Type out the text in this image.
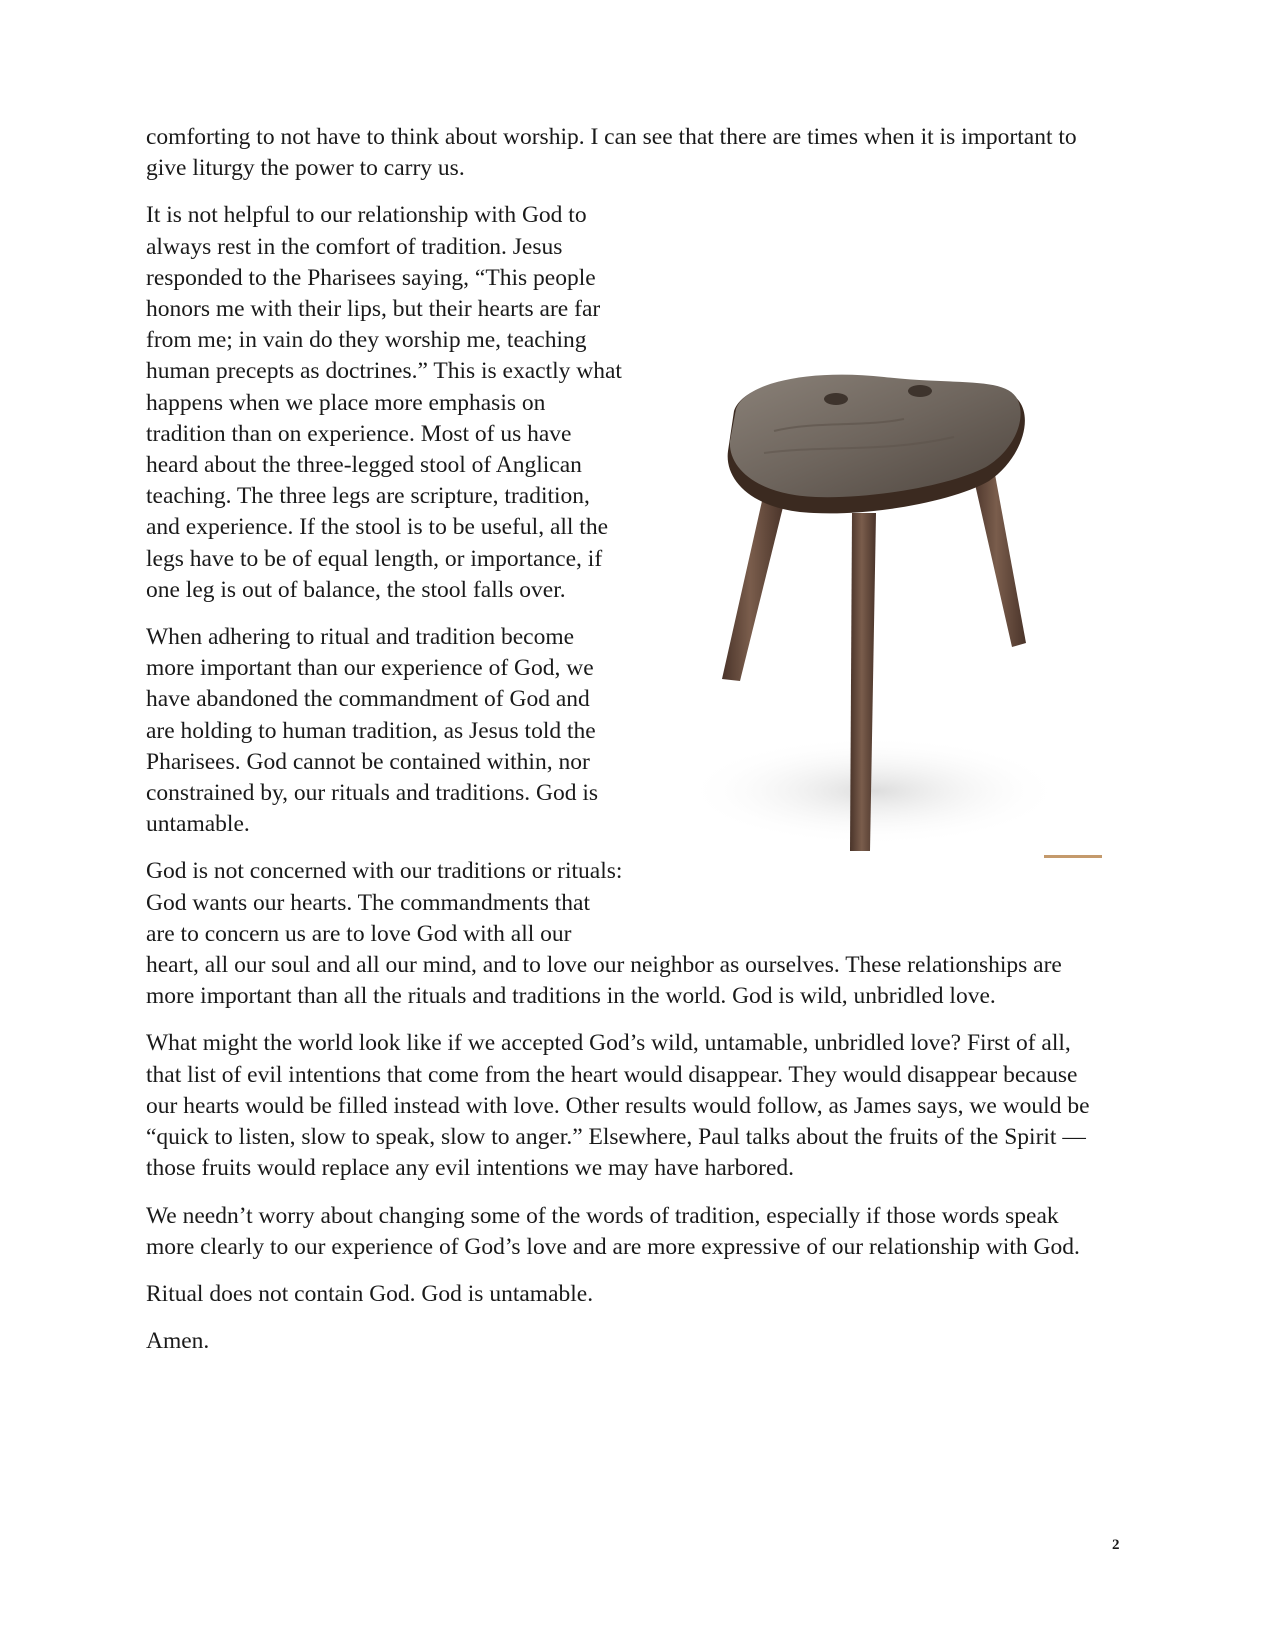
comforting to not have to think about worship. I can see that there are times when it is important to give liturgy the power to carry us.

It is not helpful to our relationship with God to always rest in the comfort of tradition. Jesus responded to the Pharisees saying, “This people honors me with their lips, but their hearts are far from me; in vain do they worship me, teaching human precepts as doctrines.” This is exactly what happens when we place more emphasis on tradition than on experience. Most of us have heard about the three-legged stool of Anglican teaching. The three legs are scripture, tradition, and experience. If the stool is to be useful, all the legs have to be of equal length, or importance, if one leg is out of balance, the stool falls over.

When adhering to ritual and tradition become more important than our experience of God, we have abandoned the commandment of God and are holding to human tradition, as Jesus told the Pharisees. God cannot be contained within, nor constrained by, our rituals and traditions. God is untamable.

God is not concerned with our traditions or rituals: God wants our hearts. The commandments that are to concern us are to love God with all our heart, all our soul and all our mind, and to love our neighbor as ourselves. These relationships are more important than all the rituals and traditions in the world. God is wild, unbridled love.

What might the world look like if we accepted God’s wild, untamable, unbridled love? First of all, that list of evil intentions that come from the heart would disappear. They would disappear because our hearts would be filled instead with love. Other results would follow, as James says, we would be “quick to listen, slow to speak, slow to anger.” Elsewhere, Paul talks about the fruits of the Spirit — those fruits would replace any evil intentions we may have harbored.

We needn’t worry about changing some of the words of tradition, especially if those words speak more clearly to our experience of God’s love and are more expressive of our relationship with God.

Ritual does not contain God. God is untamable.

Amen.

2
